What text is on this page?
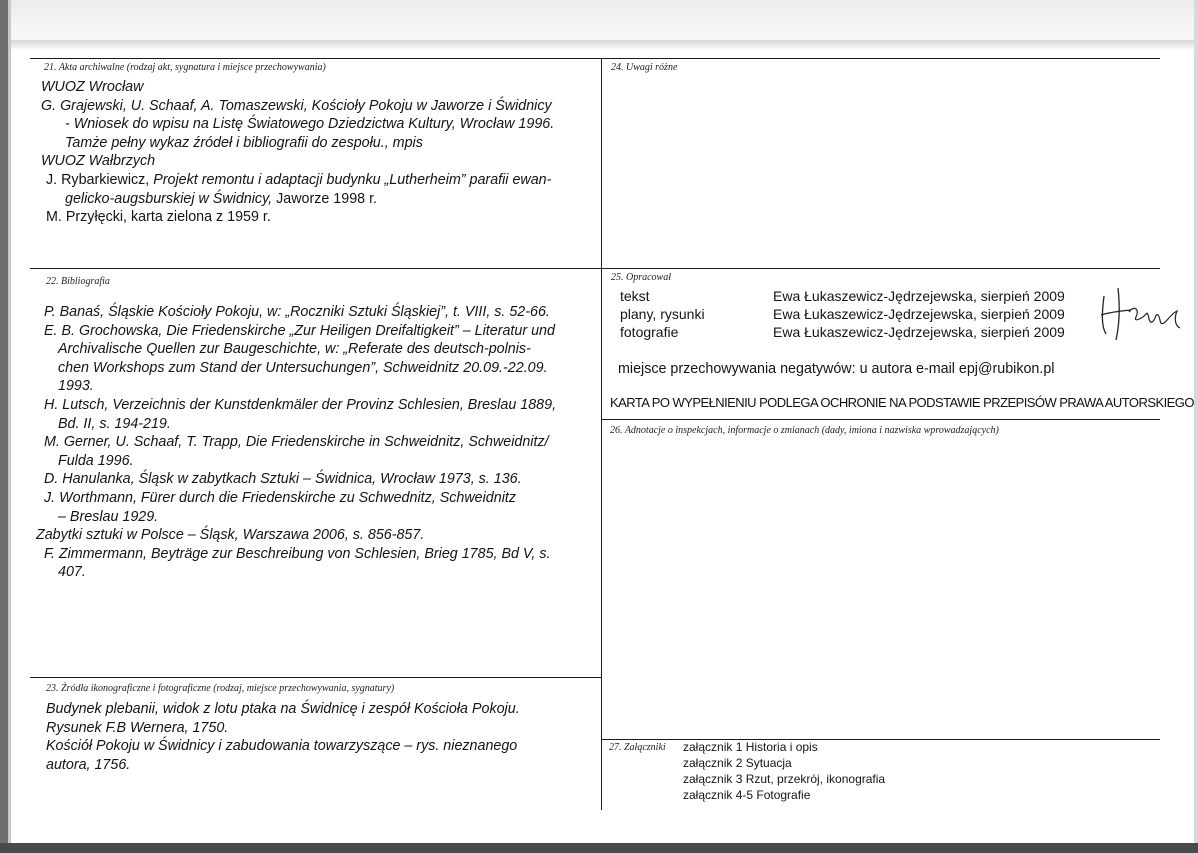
21. Akta archiwalne (rodzaj akt, sygnatura i miejsce przechowywania)
WUOZ Wrocław
G. Grajewski, U. Schaaf, A. Tomaszewski, Kościoły Pokoju w Jaworze i Świdnicy
- Wniosek do wpisu na Listę Światowego Dziedzictwa Kultury, Wrocław 1996.
Tamże pełny wykaz źródeł i bibliografii do zespołu., mpis
WUOZ Wałbrzych
J. Rybarkiewicz, Projekt remontu i adaptacji budynku „Lutherheim” parafii ewan-
gelicko-augsburskiej w Świdnicy, Jaworze 1998 r.
M. Przyłęcki, karta zielona z 1959 r.
24. Uwagi różne
22. Bibliografia
P. Banaś, Śląskie Kościoły Pokoju, w: „Roczniki Sztuki Śląskiej”, t. VIII, s. 52-66.
E. B. Grochowska, Die Friedenskirche „Zur Heiligen Dreifaltigkeit” – Literatur und
Archivalische Quellen zur Baugeschichte, w: „Referate des deutsch-polnis-
chen Workshops zum Stand der Untersuchungen”, Schweidnitz 20.09.-22.09.
1993.
H. Lutsch, Verzeichnis der Kunstdenkmäler der Provinz Schlesien, Breslau 1889,
Bd. II, s. 194-219.
M. Gerner, U. Schaaf, T. Trapp, Die Friedenskirche in Schweidnitz, Schweidnitz/
Fulda 1996.
D. Hanulanka, Śląsk w zabytkach Sztuki – Świdnica, Wrocław 1973, s. 136.
J. Worthmann, Fürer durch die Friedenskirche zu Schwednitz, Schweidnitz
– Breslau 1929.
Zabytki sztuki w Polsce – Śląsk, Warszawa 2006, s. 856-857.
F. Zimmermann, Beyträge zur Beschreibung von Schlesien, Brieg 1785, Bd V, s.
407.
25. Opracował
tekst
plany, rysunki
fotografie
Ewa Łukaszewicz-Jędrzejewska, sierpień 2009
Ewa Łukaszewicz-Jędrzejewska, sierpień 2009
Ewa Łukaszewicz-Jędrzejewska, sierpień 2009
miejsce przechowywania negatywów: u autora e-mail epj@rubikon.pl
KARTA PO WYPEŁNIENIU PODLEGA OCHRONIE NA PODSTAWIE PRZEPISÓW PRAWA AUTORSKIEGO
26. Adnotacje o inspekcjach, informacje o zmianach (dady, imiona i nazwiska wprowadzających)
23. Źródła ikonograficzne i fotograficzne (rodzaj, miejsce przechowywania, sygnatury)
Budynek plebanii, widok z lotu ptaka na Świdnicę i zespół Kościoła Pokoju.
Rysunek F.B Wernera, 1750.
Kościół Pokoju w Świdnicy i zabudowania towarzyszące – rys. nieznanego
autora, 1756.
27. Załączniki załącznik 1 Historia i opis
załącznik 2 Sytuacja
załącznik 3 Rzut, przekrój, ikonografia
załącznik 4-5 Fotografie
